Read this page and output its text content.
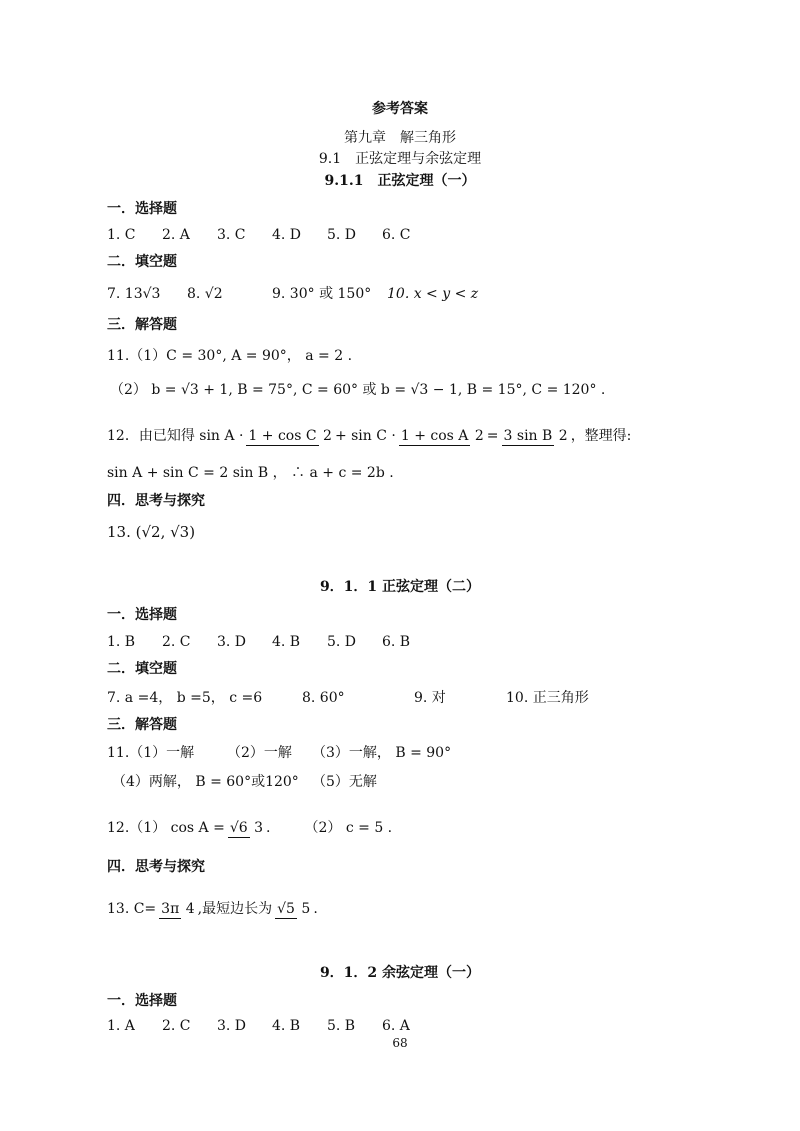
参考答案
第九章　解三角形
9.1　正弦定理与余弦定理
9.1.1　正弦定理（一）
一．选择题
1. C	2. A	3. C	4. D	5. D	6. C
二．填空题
7. 13√3	8. √2	9. 30° 或 150°	10. x < y < z
三．解答题
11.（1）C = 30°, A = 90°， a = 2 .
（2） b = √3 + 1, B = 75°, C = 60° 或 b = √3 − 1, B = 15°, C = 120° .
12．由已知得 sin A · 1 + cos C 2 + sin C · 1 + cos A 2 = 3 sin B 2 ，整理得:
sin A + sin C = 2 sin B ， ∴ a + c = 2b .
四．思考与探究
13. (√2, √3)
9．1．1 正弦定理（二）
一．选择题
1. B	2. C	3. D	4. B	5. D	6. B
二．填空题
7. a =4， b =5， c =6	8. 60°	9. 对	10. 正三角形
三．解答题
11.（1）一解	（2）一解	（3）一解， B = 90°
（4）两解， B = 60°或120° （5）无解
12.（1） cos A = √6 3 . （2） c = 5 .
四．思考与探究
13. C= 3π 4 ,最短边长为 √5 5 .
9．1．2 余弦定理（一）
一．选择题
1. A	2. C	3. D	4. B	5. B	6. A
68
